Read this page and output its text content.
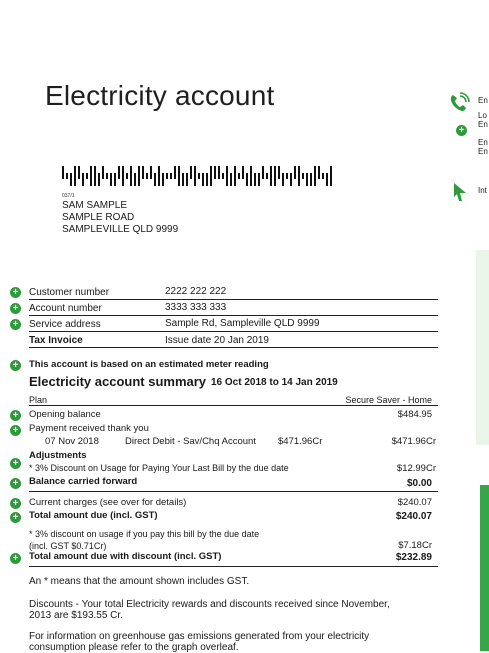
Electricity account	En
Lo
En
+
En
En
Int
037/1
SAM SAMPLE
SAMPLE ROAD
SAMPLEVILLE QLD 9999
+ Customer number	2222 222 222
+ Account number	3333 333 333
+ Service address	Sample Rd, Sampleville QLD 9999
Tax Invoice	Issue date 20 Jan 2019
+ This account is based on an estimated meter reading
Electricity account summary 16 Oct 2018 to 14 Jan 2019
Plan	Secure Saver - Home
+ Opening balance	$484.95
+ Payment received thank you
07 Nov 2018	Direct Debit - Sav/Chq Account $471.96Cr	$471.96Cr
Adjustments
+ * 3% Discount on Usage for Paying Your Last Bill by the due date	$12.99Cr
+ Balance carried forward	$0.00
+ Current charges (see over for details)	$240.07
+ Total amount due (incl. GST)	$240.07
* 3% discount on usage if you pay this bill by the due date
(incl. GST $0.71Cr)	$7.18Cr
+ Total amount due with discount (incl. GST)	$232.89
An * means that the amount shown includes GST.
Discounts - Your total Electricity rewards and discounts received since November,
2013 are $193.55 Cr.
For information on greenhouse gas emissions generated from your electricity
consumption please refer to the graph overleaf.
